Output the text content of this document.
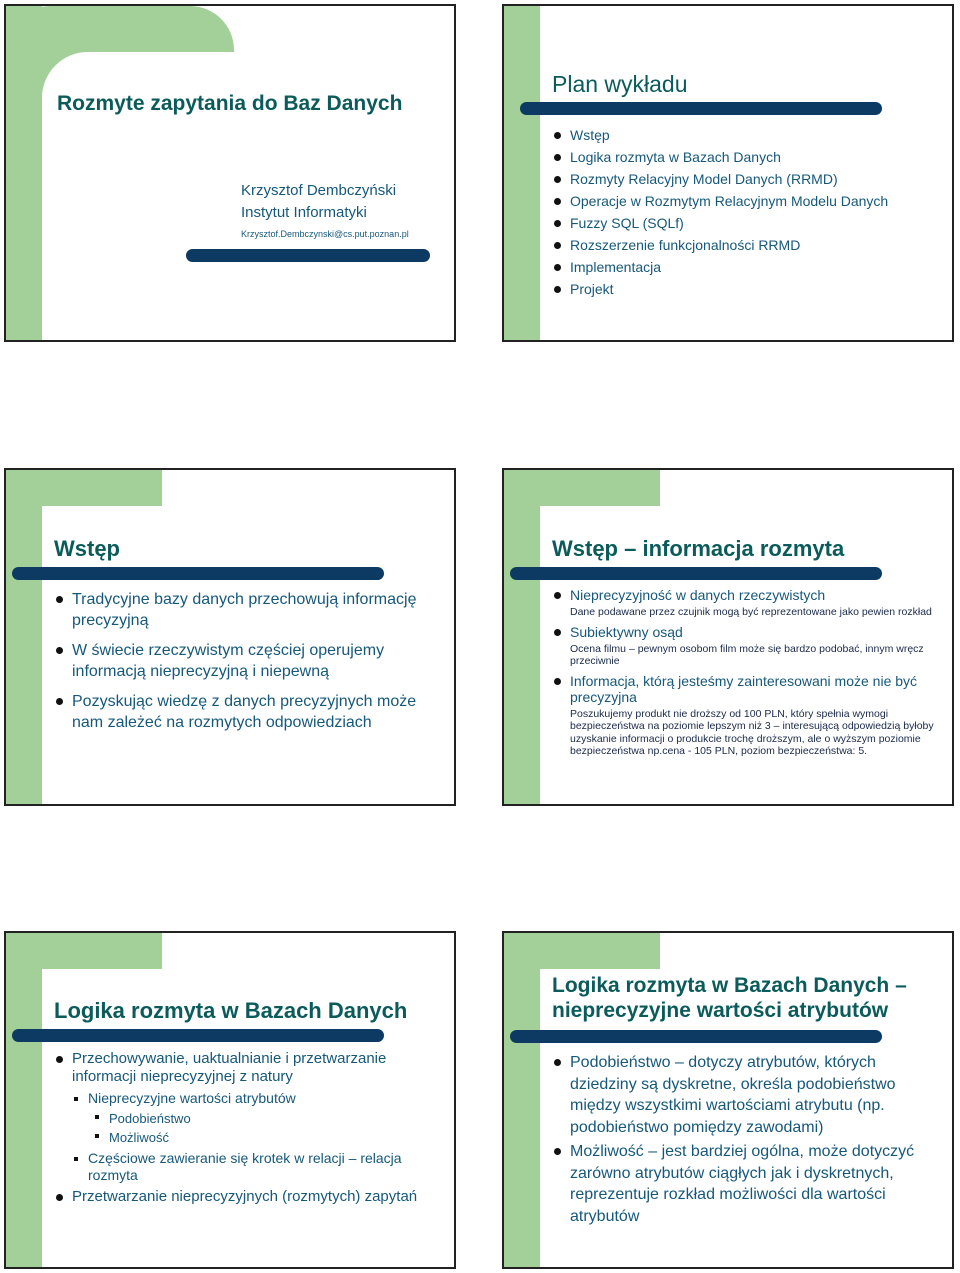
Rozmyte zapytania do Baz Danych
Krzysztof Dembczyński
Instytut Informatyki
Krzysztof.Dembczynski@cs.put.poznan.pl
Plan wykładu
Wstęp
Logika rozmyta w Bazach Danych
Rozmyty Relacyjny Model Danych (RRMD)
Operacje w Rozmytym Relacyjnym Modelu Danych
Fuzzy SQL (SQLf)
Rozszerzenie funkcjonalności RRMD
Implementacja
Projekt
Wstęp
Tradycyjne bazy danych przechowują informację precyzyjną
W świecie rzeczywistym częściej operujemy informacją nieprecyzyjną i niepewną
Pozyskując wiedzę z danych precyzyjnych może nam zależeć na rozmytych odpowiedziach
Wstęp – informacja rozmyta
Nieprecyzyjność w danych rzeczywistych
Dane podawane przez czujnik mogą być reprezentowane jako pewien rozkład
Subiektywny osąd
Ocena filmu – pewnym osobom film może się bardzo podobać, innym wręcz przeciwnie
Informacja, którą jesteśmy zainteresowani może nie być precyzyjna
Poszukujemy produkt nie droższy od 100 PLN, który spełnia wymogi bezpieczeństwa na poziomie lepszym niż 3 – interesującą odpowiedzią byłoby uzyskanie informacji o produkcie trochę droższym, ale o wyższym poziomie bezpieczeństwa np.cena - 105 PLN, poziom bezpieczeństwa: 5.
Logika rozmyta w Bazach Danych
Przechowywanie, uaktualnianie i przetwarzanie informacji nieprecyzyjnej z natury
Nieprecyzyjne wartości atrybutów
Podobieństwo
Możliwość
Częściowe zawieranie się krotek w relacji – relacja rozmyta
Przetwarzanie nieprecyzyjnych (rozmytych) zapytań
Logika rozmyta w Bazach Danych – nieprecyzyjne wartości atrybutów
Podobieństwo – dotyczy atrybutów, których dziedziny są dyskretne, określa podobieństwo między wszystkimi wartościami atrybutu (np. podobieństwo pomiędzy zawodami)
Możliwość – jest bardziej ogólna, może dotyczyć zarówno atrybutów ciągłych jak i dyskretnych, reprezentuje rozkład możliwości dla wartości atrybutów
